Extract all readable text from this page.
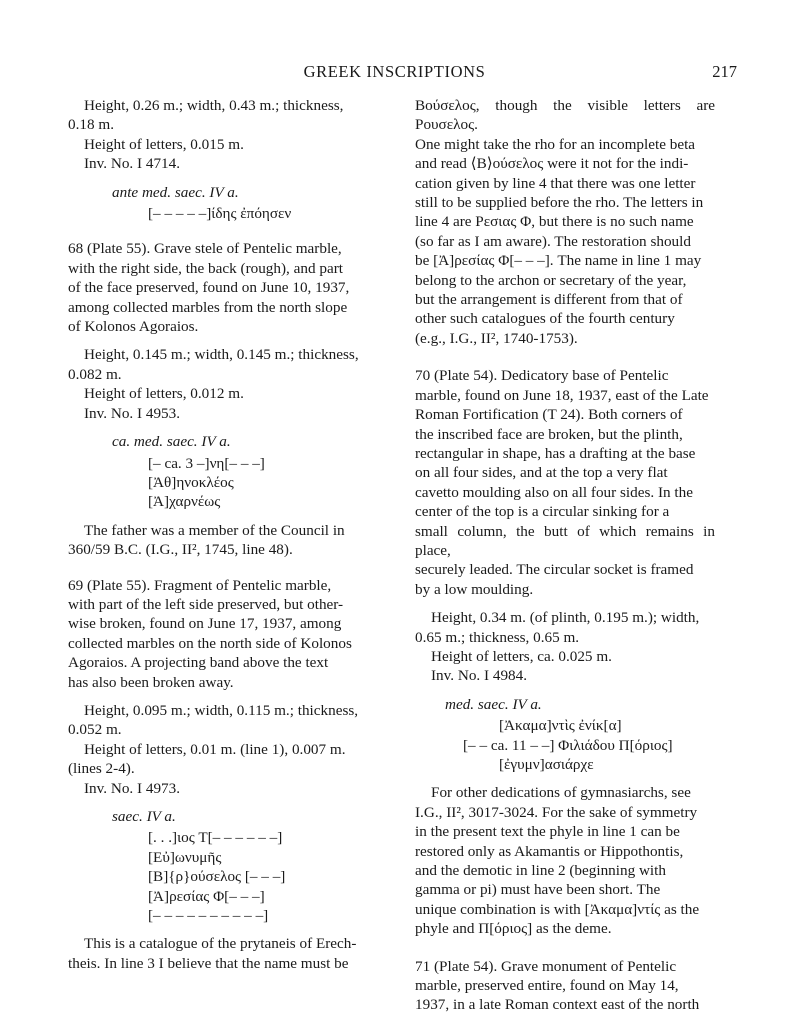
GREEK INSCRIPTIONS	217
Height, 0.26 m.; width, 0.43 m.; thickness,
0.18 m.
Height of letters, 0.015 m.
Inv. No. I 4714.
ante med. saec. IV a.
[– – – – –]ίδης ἐπόησεν
68 (Plate 55). Grave stele of Pentelic marble,
with the right side, the back (rough), and part
of the face preserved, found on June 10, 1937,
among collected marbles from the north slope
of Kolonos Agoraios.
Height, 0.145 m.; width, 0.145 m.; thickness,
0.082 m.
Height of letters, 0.012 m.
Inv. No. I 4953.
ca. med. saec. IV a.
[– ca. 3 –]νη[– – –]
[Ἀθ]ηνοκλέος
[Ἀ]χαρνέως
The father was a member of the Council in
360/59 B.C. (I.G., II², 1745, line 48).
69 (Plate 55). Fragment of Pentelic marble,
with part of the left side preserved, but other-
wise broken, found on June 17, 1937, among
collected marbles on the north side of Kolonos
Agoraios. A projecting band above the text
has also been broken away.
Height, 0.095 m.; width, 0.115 m.; thickness,
0.052 m.
Height of letters, 0.01 m. (line 1), 0.007 m.
(lines 2-4).
Inv. No. I 4973.
saec. IV a.
[. . .]ιος Τ[– – – – – –]
[Εὐ]ωνυμῆς
[Β]{ρ}ούσελος [– – –]
[Ἀ]ρεσίας Φ[– – –]
[– – – – – – – – – –]
This is a catalogue of the prytaneis of Erech-
theis. In line 3 I believe that the name must be
Βούσελος, though the visible letters are Ρουσελος.
One might take the rho for an incomplete beta
and read ⟨Β⟩ούσελος were it not for the indi-
cation given by line 4 that there was one letter
still to be supplied before the rho. The letters in
line 4 are Ρεσιας Φ, but there is no such name
(so far as I am aware). The restoration should
be [Ἀ]ρεσίας Φ[– – –]. The name in line 1 may
belong to the archon or secretary of the year,
but the arrangement is different from that of
other such catalogues of the fourth century
(e.g., I.G., II², 1740-1753).
70 (Plate 54). Dedicatory base of Pentelic
marble, found on June 18, 1937, east of the Late
Roman Fortification (T 24). Both corners of
the inscribed face are broken, but the plinth,
rectangular in shape, has a drafting at the base
on all four sides, and at the top a very flat
cavetto moulding also on all four sides. In the
center of the top is a circular sinking for a
small column, the butt of which remains in place,
securely leaded. The circular socket is framed
by a low moulding.
Height, 0.34 m. (of plinth, 0.195 m.); width,
0.65 m.; thickness, 0.65 m.
Height of letters, ca. 0.025 m.
Inv. No. I 4984.
med. saec. IV a.
[Ἀκαμα]ντὶς ἐνίκ[α]
[– – ca. 11 – –] Φιλιάδου Π[όριος]
[ἐγυμν]ασιάρχε
For other dedications of gymnasiarchs, see
I.G., II², 3017-3024. For the sake of symmetry
in the present text the phyle in line 1 can be
restored only as Akamantis or Hippothontis,
and the demotic in line 2 (beginning with
gamma or pi) must have been short. The
unique combination is with [Ἀκαμα]ντίς as the
phyle and Π[όριος] as the deme.
71 (Plate 54). Grave monument of Pentelic
marble, preserved entire, found on May 14,
1937, in a late Roman context east of the north
